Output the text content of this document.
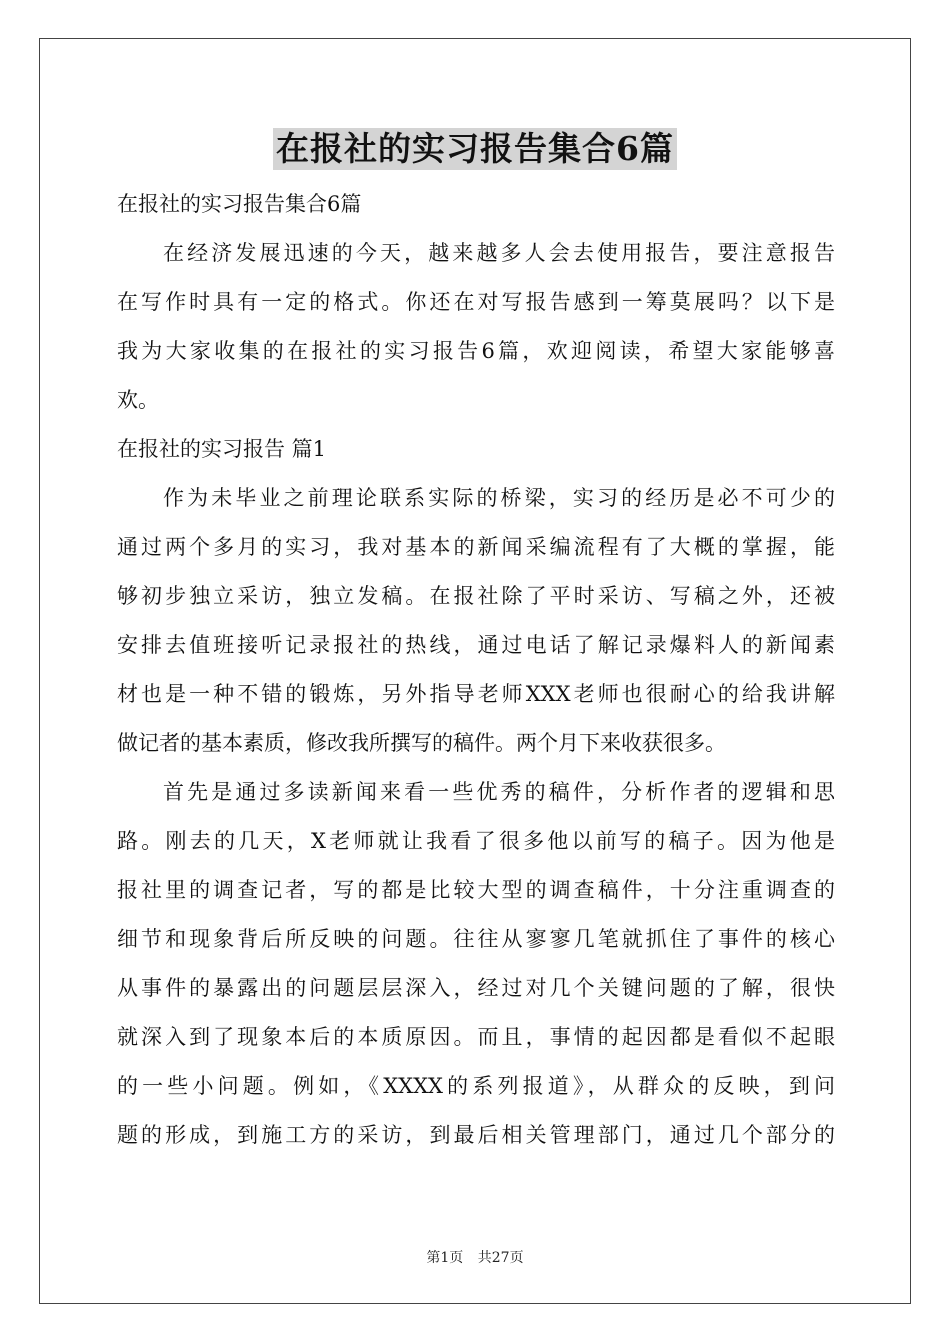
在报社的实习报告集合6篇
在报社的实习报告集合6篇
在经济发展迅速的今天，越来越多人会去使用报告，要注意报告
在写作时具有一定的格式。你还在对写报告感到一筹莫展吗？以下是
我为大家收集的在报社的实习报告6篇，欢迎阅读，希望大家能够喜
欢。
在报社的实习报告 篇1
作为未毕业之前理论联系实际的桥梁，实习的经历是必不可少的
通过两个多月的实习，我对基本的新闻采编流程有了大概的掌握，能
够初步独立采访，独立发稿。在报社除了平时采访、写稿之外，还被
安排去值班接听记录报社的热线，通过电话了解记录爆料人的新闻素
材也是一种不错的锻炼，另外指导老师XXX老师也很耐心的给我讲解
做记者的基本素质，修改我所撰写的稿件。两个月下来收获很多。
首先是通过多读新闻来看一些优秀的稿件，分析作者的逻辑和思
路。刚去的几天，X老师就让我看了很多他以前写的稿子。因为他是
报社里的调查记者，写的都是比较大型的调查稿件，十分注重调查的
细节和现象背后所反映的问题。往往从寥寥几笔就抓住了事件的核心
从事件的暴露出的问题层层深入，经过对几个关键问题的了解，很快
就深入到了现象本后的本质原因。而且，事情的起因都是看似不起眼
的一些小问题。例如，《XXXX的系列报道》，从群众的反映，到问
题的形成，到施工方的采访，到最后相关管理部门，通过几个部分的
第1页 共27页
